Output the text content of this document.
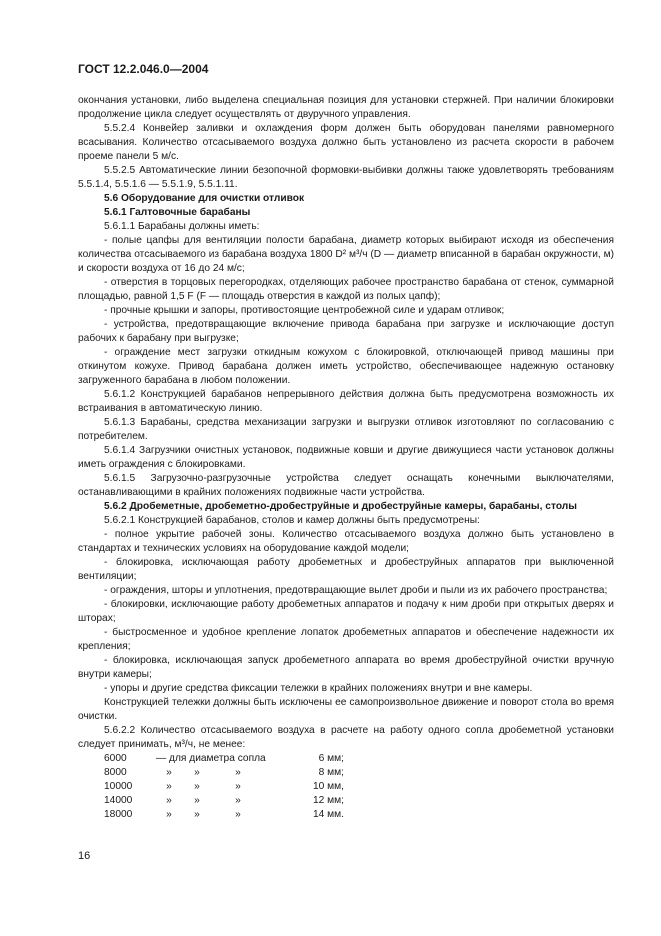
ГОСТ 12.2.046.0—2004

окончания установки, либо выделена специальная позиция для установки стержней. При наличии блокировки продолжение цикла следует осуществлять от двуручного управления.

5.5.2.4 Конвейер заливки и охлаждения форм должен быть оборудован панелями равномерного всасывания. Количество отсасываемого воздуха должно быть установлено из расчета скорости в рабочем проеме панели 5 м/с.

5.5.2.5 Автоматические линии безопочной формовки-выбивки должны также удовлетворять требованиям 5.5.1.4, 5.5.1.6 — 5.5.1.9, 5.5.1.11.

5.6 Оборудование для очистки отливок

5.6.1 Галтовочные барабаны

5.6.1.1 Барабаны должны иметь:

- полые цапфы для вентиляции полости барабана, диаметр которых выбирают исходя из обеспечения количества отсасываемого из барабана воздуха 1800 D² м³/ч (D — диаметр вписанной в барабан окружности, м) и скорости воздуха от 16 до 24 м/с;

- отверстия в торцовых перегородках, отделяющих рабочее пространство барабана от стенок, суммарной площадью, равной 1,5 F (F — площадь отверстия в каждой из полых цапф);

- прочные крышки и запоры, противостоящие центробежной силе и ударам отливок;

- устройства, предотвращающие включение привода барабана при загрузке и исключающие доступ рабочих к барабану при выгрузке;

- ограждение мест загрузки откидным кожухом с блокировкой, отключающей привод машины при откинутом кожухе. Привод барабана должен иметь устройство, обеспечивающее надежную остановку загруженного барабана в любом положении.

5.6.1.2 Конструкцией барабанов непрерывного действия должна быть предусмотрена возможность их встраивания в автоматическую линию.

5.6.1.3 Барабаны, средства механизации загрузки и выгрузки отливок изготовляют по согласованию с потребителем.

5.6.1.4 Загрузчики очистных установок, подвижные ковши и другие движущиеся части установок должны иметь ограждения с блокировками.

5.6.1.5 Загрузочно-разгрузочные устройства следует оснащать конечными выключателями, останавливающими в крайних положениях подвижные части устройства.

5.6.2 Дробеметные, дробеметно-дробеструйные и дробеструйные камеры, барабаны, столы

5.6.2.1 Конструкцией барабанов, столов и камер должны быть предусмотрены:

- полное укрытие рабочей зоны. Количество отсасываемого воздуха должно быть установлено в стандартах и технических условиях на оборудование каждой модели;

- блокировка, исключающая работу дробеметных и дробеструйных аппаратов при выключенной вентиляции;

- ограждения, шторы и уплотнения, предотвращающие вылет дроби и пыли из их рабочего пространства;

- блокировки, исключающие работу дробеметных аппаратов и подачу к ним дроби при открытых дверях и шторах;

- быстросменное и удобное крепление лопаток дробеметных аппаратов и обеспечение надежности их крепления;

- блокировка, исключающая запуск дробеметного аппарата во время дробеструйной очистки вручную внутри камеры;

- упоры и другие средства фиксации тележки в крайних положениях внутри и вне камеры.

Конструкцией тележки должны быть исключены ее самопроизвольное движение и поворот стола во время очистки.

5.6.2.2 Количество отсасываемого воздуха в расчете на работу одного сопла дробеметной установки следует принимать, м³/ч, не менее:

6000	— для диаметра сопла	6 мм;
8000	»	»	»	8 мм;
10000	»	»	»	10 мм,
14000	»	»	»	12 мм;
18000	»	»	»	14 мм.
16
